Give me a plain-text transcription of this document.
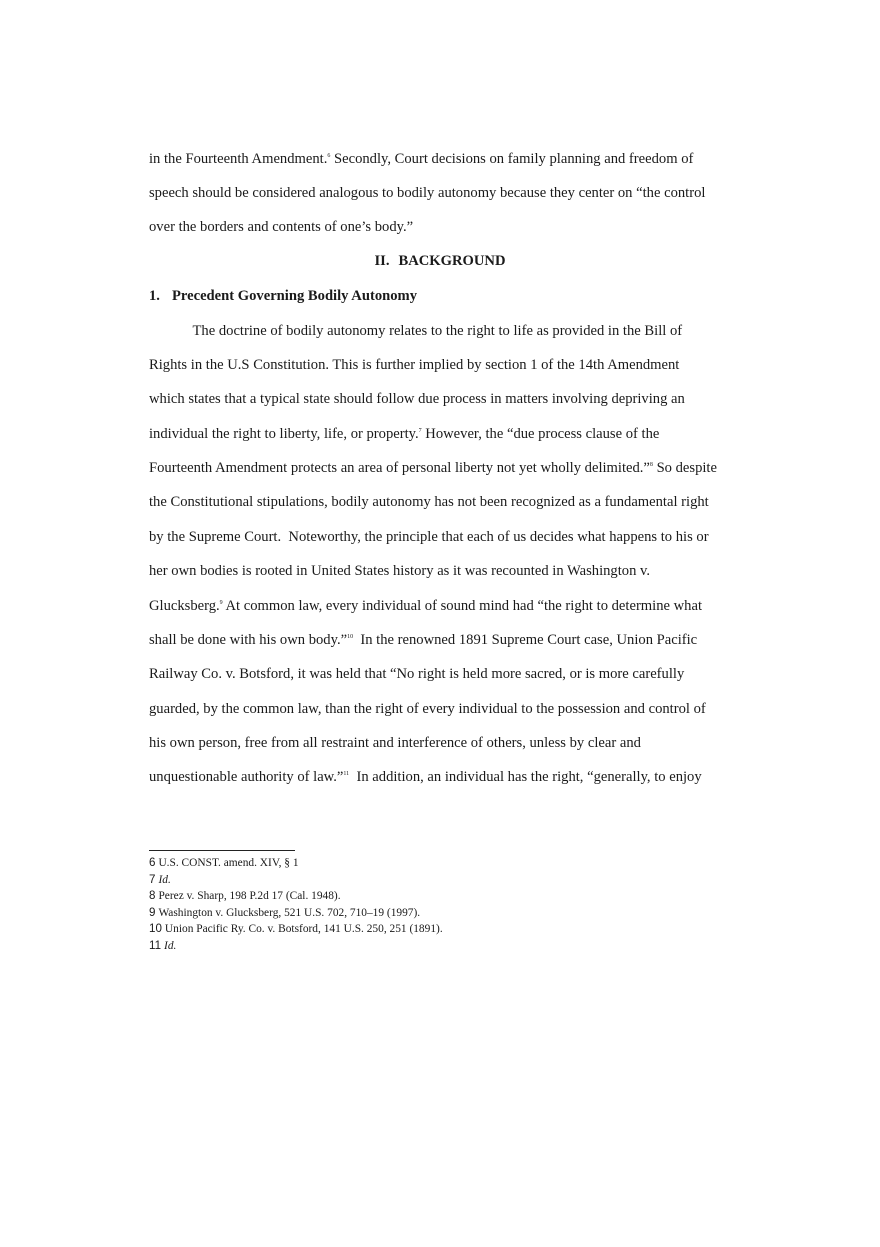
in the Fourteenth Amendment.$^6$ Secondly, Court decisions on family planning and freedom of

speech should be considered analogous to bodily autonomy because they center on “the control

over the borders and contents of one’s body.”

II. BACKGROUND
1. Precedent Governing Bodily Autonomy

The doctrine of bodily autonomy relates to the right to life as provided in the Bill of

Rights in the U.S Constitution. This is further implied by section 1 of the 14th Amendment

which states that a typical state should follow due process in matters involving depriving an

individual the right to liberty, life, or property.$^7$ However, the “due process clause of the

Fourteenth Amendment protects an area of personal liberty not yet wholly delimited.”$^8$ So despite

the Constitutional stipulations, bodily autonomy has not been recognized as a fundamental right

by the Supreme Court.  Noteworthy, the principle that each of us decides what happens to his or

her own bodies is rooted in United States history as it was recounted in Washington v.

Glucksberg.$^9$ At common law, every individual of sound mind had “the right to determine what

shall be done with his own body.”$^{10}$  In the renowned 1891 Supreme Court case, Union Pacific

Railway Co. v. Botsford, it was held that “No right is held more sacred, or is more carefully

guarded, by the common law, than the right of every individual to the possession and control of

his own person, free from all restraint and interference of others, unless by clear and

unquestionable authority of law.”$^{11}$  In addition, an individual has the right, “generally, to enjoy

6 U.S. CONST. amend. XIV, § 1
7 Id.
8 Perez v. Sharp, 198 P.2d 17 (Cal. 1948).
9 Washington v. Glucksberg, 521 U.S. 702, 710–19 (1997).
10 Union Pacific Ry. Co. v. Botsford, 141 U.S. 250, 251 (1891).
11 Id.
